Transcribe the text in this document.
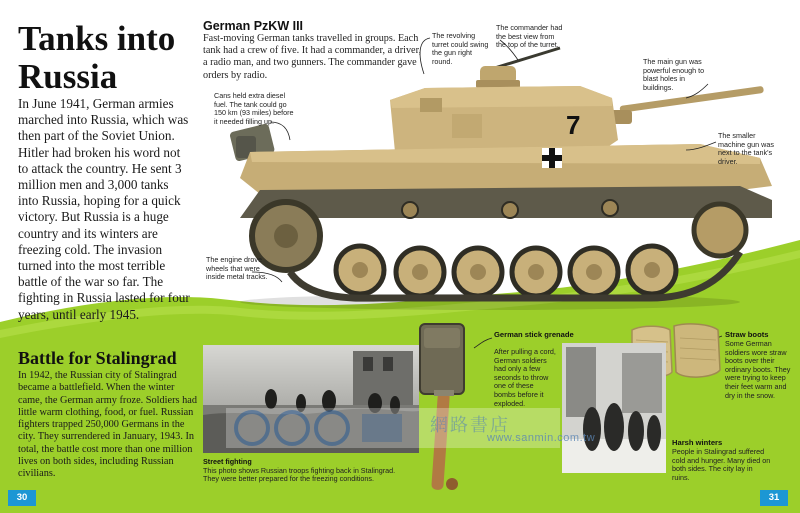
Tanks into Russia
In June 1941, German armies marched into Russia, which was then part of the Soviet Union. Hitler had broken his word not to attack the country. He sent 3 million men and 3,000 tanks into Russia, hoping for a quick victory. But Russia is a huge country and its winters are freezing cold. The invasion turned into the most terrible battle of the war so far. The fighting in Russia lasted for four years, until early 1945.
German PzKW III
Fast-moving German tanks travelled in groups. Each tank had a crew of five. It had a commander, a driver, a radio man, and two gunners. The commander gave orders by radio.
7
The revolving turret could swing the gun right round.
The commander had the best view from the top of the turret.
The main gun was powerful enough to blast holes in buildings.
Cans held extra diesel fuel. The tank could go 150 km (93 miles) before it needed filling up.
The smaller machine gun was next to the tank's driver.
The engine drove wheels that were inside metal tracks.
Battle for Stalingrad
In 1942, the Russian city of Stalingrad became a battlefield. When the winter came, the German army froze. Soldiers had little warm clothing, food, or fuel. Russian fighters trapped 250,000 Germans in the city. They surrendered in January, 1943. In total, the battle cost more than one million lives on both sides, including Russian civilians.
Street fighting
This photo shows Russian troops fighting back in Stalingrad. They were better prepared for the freezing conditions.
German stick grenade
After pulling a cord, German soldiers had only a few seconds to throw one of these bombs before it exploded.
Straw boots
Some German soldiers wore straw boots over their ordinary boots. They were trying to keep their feet warm and dry in the snow.
Harsh winters
People in Stalingrad suffered cold and hunger. Many died on both sides. The city lay in ruins.
網路書店
www.sanmin.com.tw
30	31
